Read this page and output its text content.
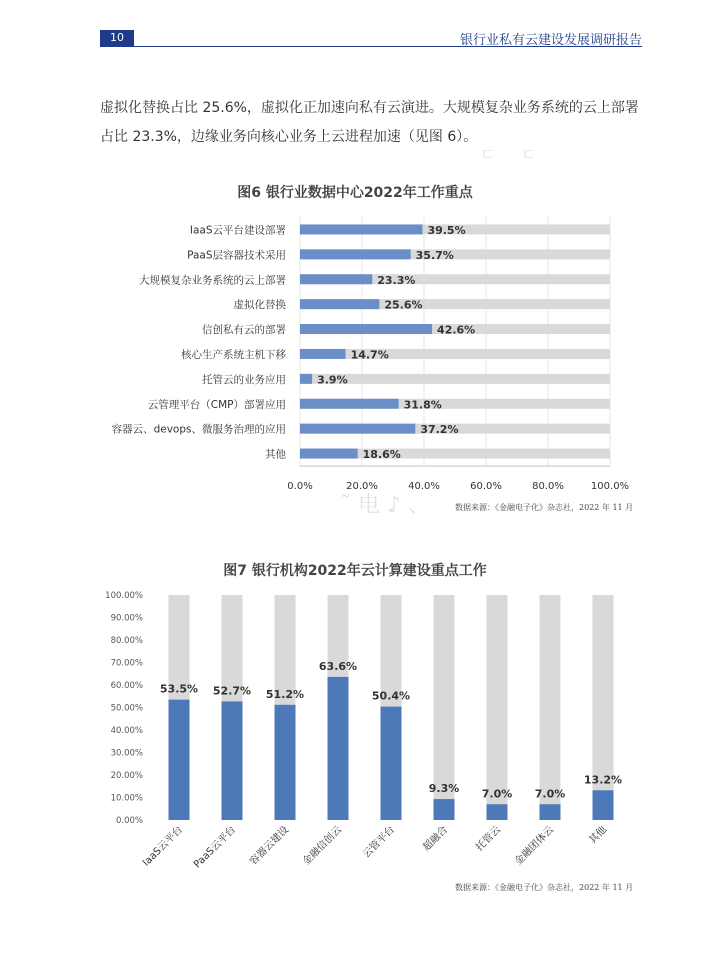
10	银行业私有云建设发展调研报告

虚拟化替换占比 25.6%，虚拟化正加速向私有云演进。大规模复杂业务系统的云上部署占比 23.3%，边缘业务向核心业务上云进程加速（见图 6）。

ㄷ     ㄷ
˜ 电 ♪ 、
图6 银行业数据中心2022年工作重点
图7 银行机构2022年云计算建设重点工作
IaaS云平台建设部署	39.5%
PaaS层容器技术采用	35.7%
大规模复杂业务系统的云上部署	23.3%
虚拟化替换	25.6%
信创私有云的部署	42.6%
核心生产系统主机下移	14.7%
托管云的业务应用	3.9%
云管理平台（CMP）部署应用	31.8%
容器云、devops、微服务治理的应用	37.2%
其他	18.6%
0.0%	20.0%	40.0%	60.0%	80.0%	100.0%
0.00%
10.00%
20.00%
30.00%
40.00%
50.00%
60.00%
70.00%
80.00%
90.00%
100.00%
53.5%
IaaS云平台
52.7%
PaaS云平台
51.2%
容器云建设
63.6%
金融信创云
50.4%
云管平台
9.3%
超融合
7.0%
托管云
7.0%
金融团体云
13.2%
其他
数据来源：《金融电子化》杂志社，2022 年 11 月
数据来源：《金融电子化》杂志社，2022 年 11 月
